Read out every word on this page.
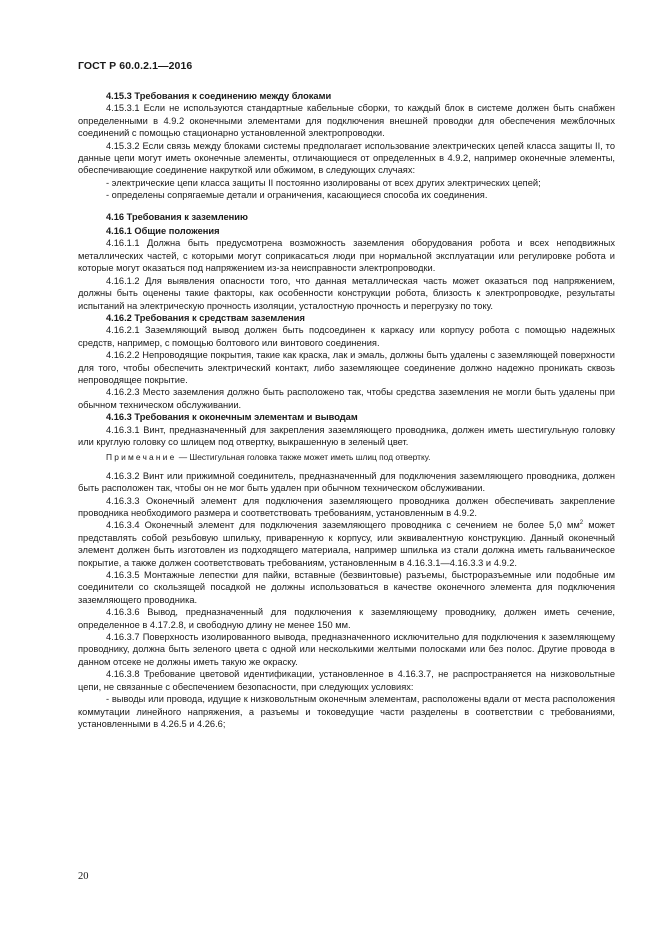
ГОСТ Р 60.0.2.1—2016

4.15.3 Требования к соединению между блоками

4.15.3.1 Если не используются стандартные кабельные сборки, то каждый блок в системе должен быть снабжен определенными в 4.9.2 оконечными элементами для подключения внешней проводки для обеспечения межблочных соединений с помощью стационарно установленной электропроводки.

4.15.3.2 Если связь между блоками системы предполагает использование электрических цепей класса защиты II, то данные цепи могут иметь оконечные элементы, отличающиеся от определенных в 4.9.2, например оконечные элементы, обеспечивающие соединение накруткой или обжимом, в следующих случаях:

- электрические цепи класса защиты II постоянно изолированы от всех других электрических цепей;

- определены сопрягаемые детали и ограничения, касающиеся способа их соединения.

4.16 Требования к заземлению

4.16.1 Общие положения

4.16.1.1 Должна быть предусмотрена возможность заземления оборудования робота и всех неподвижных металлических частей, с которыми могут соприкасаться люди при нормальной эксплуатации или регулировке робота и которые могут оказаться под напряжением из-за неисправности электропроводки.

4.16.1.2 Для выявления опасности того, что данная металлическая часть может оказаться под напряжением, должны быть оценены такие факторы, как особенности конструкции робота, близость к электропроводке, результаты испытаний на электрическую прочность изоляции, усталостную прочность и перегрузку по току.

4.16.2 Требования к средствам заземления

4.16.2.1 Заземляющий вывод должен быть подсоединен к каркасу или корпусу робота с помощью надежных средств, например, с помощью болтового или винтового соединения.

4.16.2.2 Непроводящие покрытия, такие как краска, лак и эмаль, должны быть удалены с заземляющей поверхности для того, чтобы обеспечить электрический контакт, либо заземляющее соединение должно надежно проникать сквозь непроводящее покрытие.

4.16.2.3 Место заземления должно быть расположено так, чтобы средства заземления не могли быть удалены при обычном техническом обслуживании.

4.16.3 Требования к оконечным элементам и выводам

4.16.3.1 Винт, предназначенный для закрепления заземляющего проводника, должен иметь шестигульную головку или круглую головку со шлицем под отвертку, выкрашенную в зеленый цвет.

Примечание — Шестигульная головка также может иметь шлиц под отвертку.

4.16.3.2 Винт или прижимной соединитель, предназначенный для подключения заземляющего проводника, должен быть расположен так, чтобы он не мог быть удален при обычном техническом обслуживании.

4.16.3.3 Оконечный элемент для подключения заземляющего проводника должен обеспечивать закрепление проводника необходимого размера и соответствовать требованиям, установленным в 4.9.2.

4.16.3.4 Оконечный элемент для подключения заземляющего проводника с сечением не более 5,0 $мм^2$ может представлять собой резьбовую шпильку, приваренную к корпусу, или эквивалентную конструкцию. Данный оконечный элемент должен быть изготовлен из подходящего материала, например шпилька из стали должна иметь гальваническое покрытие, а также должен соответствовать требованиям, установленным в 4.16.3.1—4.16.3.3 и 4.9.2.

4.16.3.5 Монтажные лепестки для пайки, вставные (безвинтовые) разъемы, быстроразъемные или подобные им соединители со скользящей посадкой не должны использоваться в качестве оконечного элемента для подключения заземляющего проводника.

4.16.3.6 Вывод, предназначенный для подключения к заземляющему проводнику, должен иметь сечение, определенное в 4.17.2.8, и свободную длину не менее 150 мм.

4.16.3.7 Поверхность изолированного вывода, предназначенного исключительно для подключения к заземляющему проводнику, должна быть зеленого цвета с одной или несколькими желтыми полосками или без полос. Другие провода в данном отсеке не должны иметь такую же окраску.

4.16.3.8 Требование цветовой идентификации, установленное в 4.16.3.7, не распространяется на низковольтные цепи, не связанные с обеспечением безопасности, при следующих условиях:

- выводы или провода, идущие к низковольтным оконечным элементам, расположены вдали от места расположения коммутации линейного напряжения, а разъемы и токоведущие части разделены в соответствии с требованиями, установленными в 4.26.5 и 4.26.6;

20
